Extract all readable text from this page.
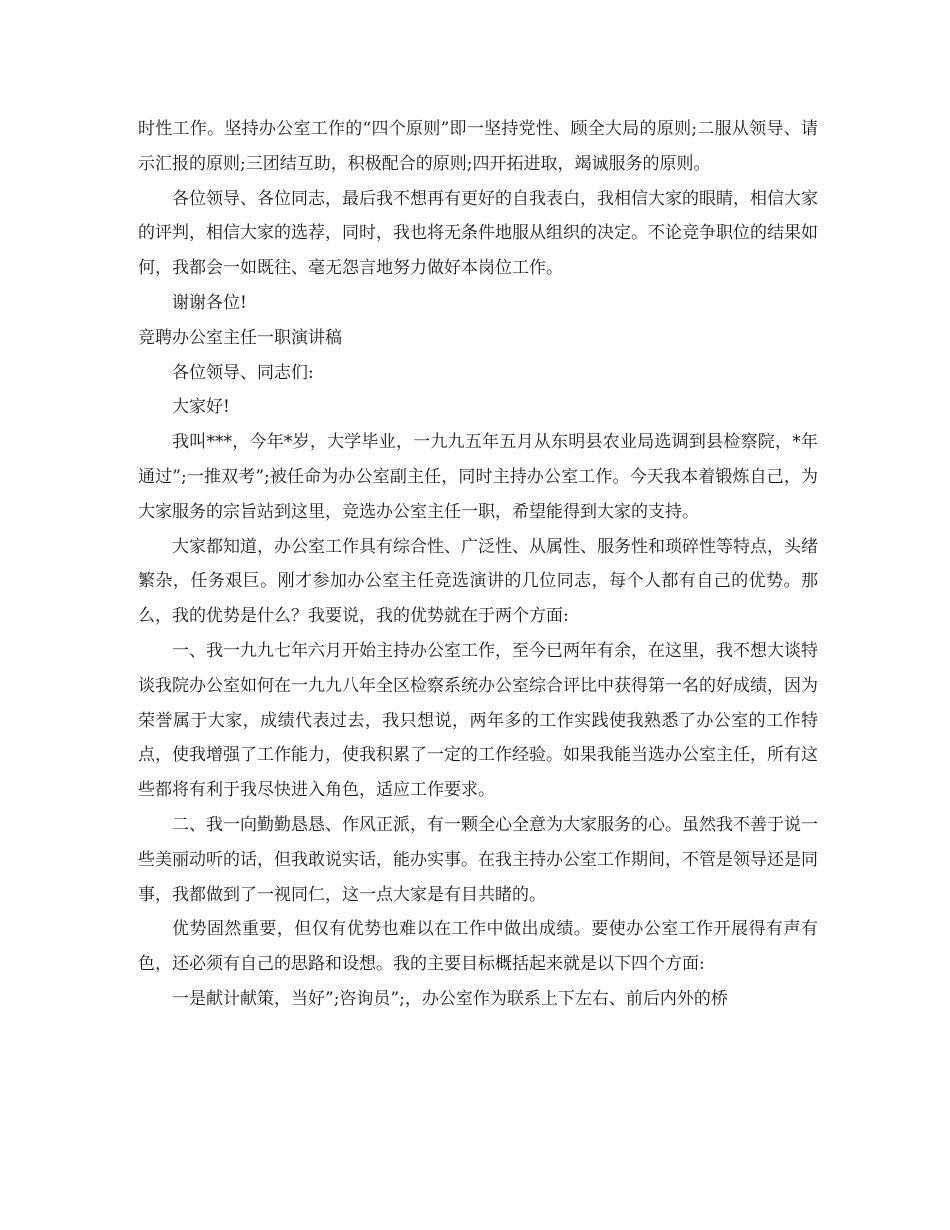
时性工作。坚持办公室工作的“四个原则”即一坚持党性、顾全大局的原则;二服从领导、请示汇报的原则;三团结互助，积极配合的原则;四开拓进取，竭诚服务的原则。

各位领导、各位同志，最后我不想再有更好的自我表白，我相信大家的眼睛，相信大家的评判，相信大家的选荐，同时，我也将无条件地服从组织的决定。不论竞争职位的结果如何，我都会一如既往、毫无怨言地努力做好本岗位工作。

谢谢各位!

竞聘办公室主任一职演讲稿

各位领导、同志们:

大家好!

我叫***，今年*岁，大学毕业，一九九五年五月从东明县农业局选调到县检察院，*年通过”;一推双考”;被任命为办公室副主任，同时主持办公室工作。今天我本着锻炼自己，为大家服务的宗旨站到这里，竞选办公室主任一职，希望能得到大家的支持。

大家都知道，办公室工作具有综合性、广泛性、从属性、服务性和琐碎性等特点，头绪繁杂，任务艰巨。刚才参加办公室主任竞选演讲的几位同志，每个人都有自己的优势。那么，我的优势是什么？我要说，我的优势就在于两个方面:

一、我一九九七年六月开始主持办公室工作，至今已两年有余，在这里，我不想大谈特谈我院办公室如何在一九九八年全区检察系统办公室综合评比中获得第一名的好成绩，因为荣誉属于大家，成绩代表过去，我只想说，两年多的工作实践使我熟悉了办公室的工作特点，使我增强了工作能力，使我积累了一定的工作经验。如果我能当选办公室主任，所有这些都将有利于我尽快进入角色，适应工作要求。

二、我一向勤勤恳恳、作风正派，有一颗全心全意为大家服务的心。虽然我不善于说一些美丽动听的话，但我敢说实话，能办实事。在我主持办公室工作期间，不管是领导还是同事，我都做到了一视同仁，这一点大家是有目共睹的。

优势固然重要，但仅有优势也难以在工作中做出成绩。要使办公室工作开展得有声有色，还必须有自己的思路和设想。我的主要目标概括起来就是以下四个方面:

一是献计献策，当好”;咨询员”;，办公室作为联系上下左右、前后内外的桥
